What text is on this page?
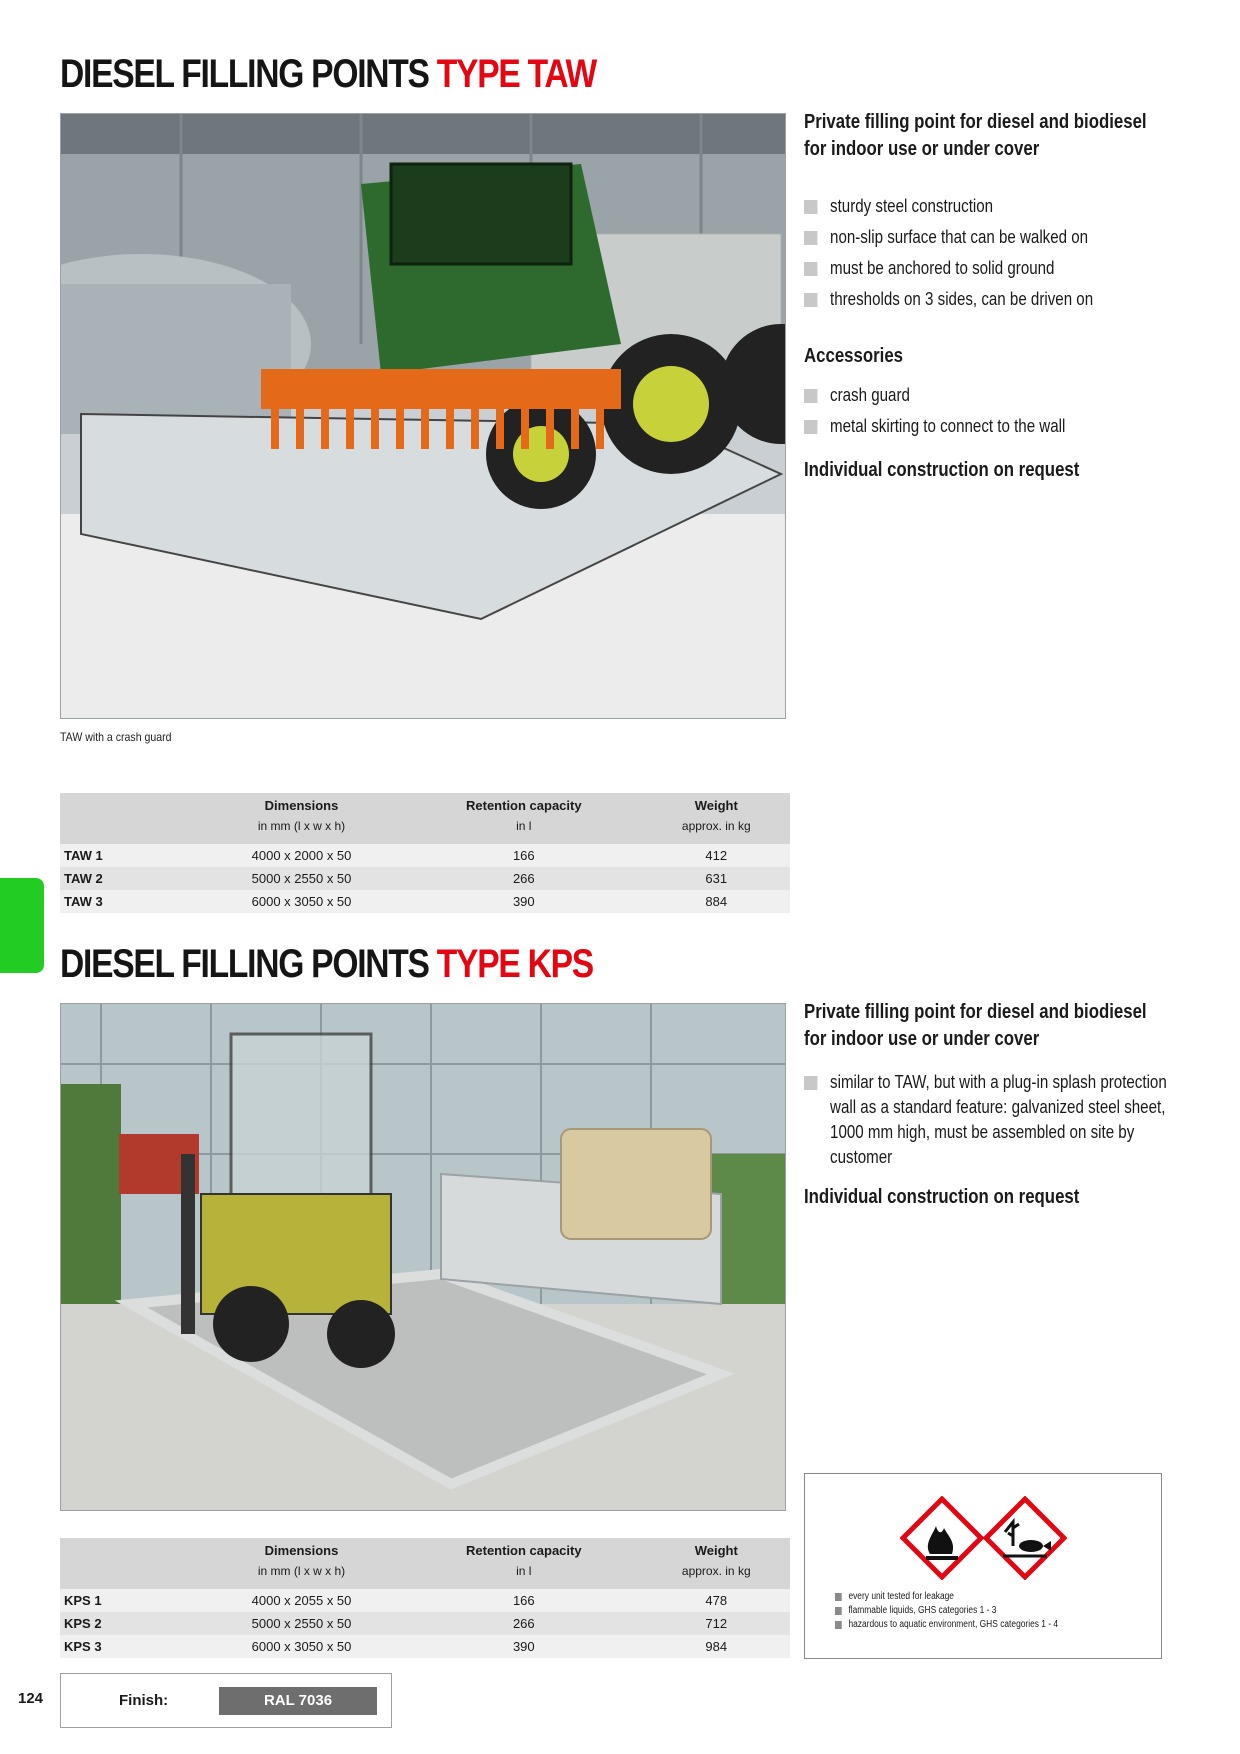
DIESEL FILLING POINTS TYPE TAW
TAW with a crash guard
Private filling point for diesel and biodiesel for indoor use or under cover
sturdy steel construction
non-slip surface that can be walked on
must be anchored to solid ground
thresholds on 3 sides, can be driven on
Accessories
crash guard
metal skirting to connect to the wall
Individual construction on request
	Dimensions	Retention capacity	Weight
	in mm (l x w x h)	in l	approx. in kg
TAW 1	4000 x 2000 x 50	166	412
TAW 2	5000 x 2550 x 50	266	631
TAW 3	6000 x 3050 x 50	390	884
DIESEL FILLING POINTS TYPE KPS
Private filling point for diesel and biodiesel for indoor use or under cover
similar to TAW, but with a plug-in splash protection wall as a standard feature: galvanized steel sheet, 1000 mm high, must be assembled on site by customer
Individual construction on request
	Dimensions	Retention capacity	Weight
	in mm (l x w x h)	in l	approx. in kg
KPS 1	4000 x 2055 x 50	166	478
KPS 2	5000 x 2550 x 50	266	712
KPS 3	6000 x 3050 x 50	390	984
every unit tested for leakage
flammable liquids, GHS categories 1 - 3
hazardous to aquatic environment, GHS categories 1 - 4
124	Finish:	RAL 7036
